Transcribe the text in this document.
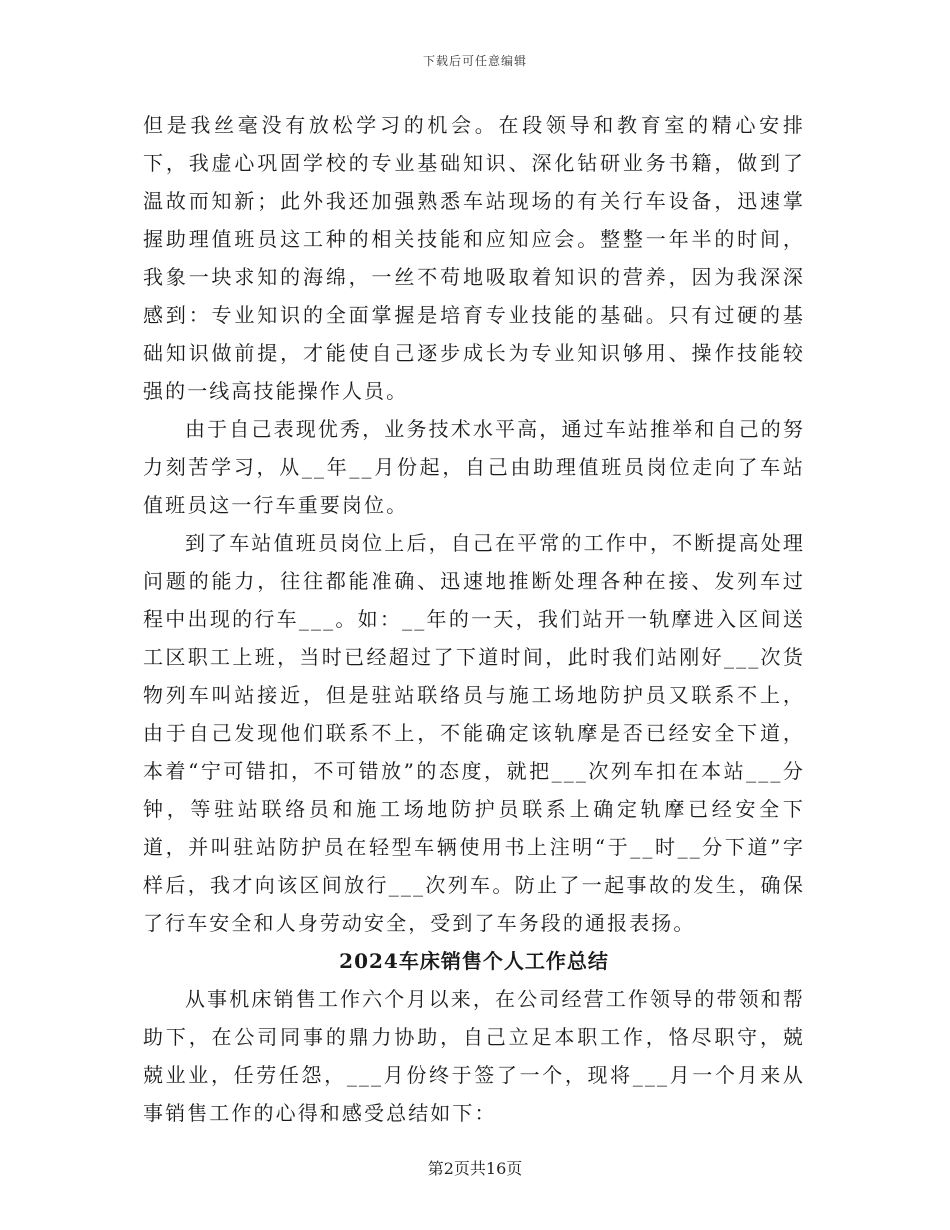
下载后可任意编辑

但是我丝毫没有放松学习的机会。在段领导和教育室的精心安排下，我虚心巩固学校的专业基础知识、深化钻研业务书籍，做到了温故而知新；此外我还加强熟悉车站现场的有关行车设备，迅速掌握助理值班员这工种的相关技能和应知应会。整整一年半的时间，我象一块求知的海绵，一丝不苟地吸取着知识的营养，因为我深深感到：专业知识的全面掌握是培育专业技能的基础。只有过硬的基础知识做前提，才能使自己逐步成长为专业知识够用、操作技能较强的一线高技能操作人员。

由于自己表现优秀，业务技术水平高，通过车站推举和自己的努力刻苦学习，从__年__月份起，自己由助理值班员岗位走向了车站值班员这一行车重要岗位。

到了车站值班员岗位上后，自己在平常的工作中，不断提高处理问题的能力，往往都能准确、迅速地推断处理各种在接、发列车过程中出现的行车___。如：__年的一天，我们站开一轨摩进入区间送工区职工上班，当时已经超过了下道时间，此时我们站刚好___次货物列车叫站接近，但是驻站联络员与施工场地防护员又联系不上，由于自己发现他们联系不上，不能确定该轨摩是否已经安全下道，本着“宁可错扣，不可错放”的态度，就把___次列车扣在本站___分钟，等驻站联络员和施工场地防护员联系上确定轨摩已经安全下道，并叫驻站防护员在轻型车辆使用书上注明“于__时__分下道”字样后，我才向该区间放行___次列车。防止了一起事故的发生，确保了行车安全和人身劳动安全，受到了车务段的通报表扬。

2024车床销售个人工作总结

从事机床销售工作六个月以来，在公司经营工作领导的带领和帮助下，在公司同事的鼎力协助，自己立足本职工作，恪尽职守，兢兢业业，任劳任怨，___月份终于签了一个，现将___月一个月来从事销售工作的心得和感受总结如下：

第2页共16页
